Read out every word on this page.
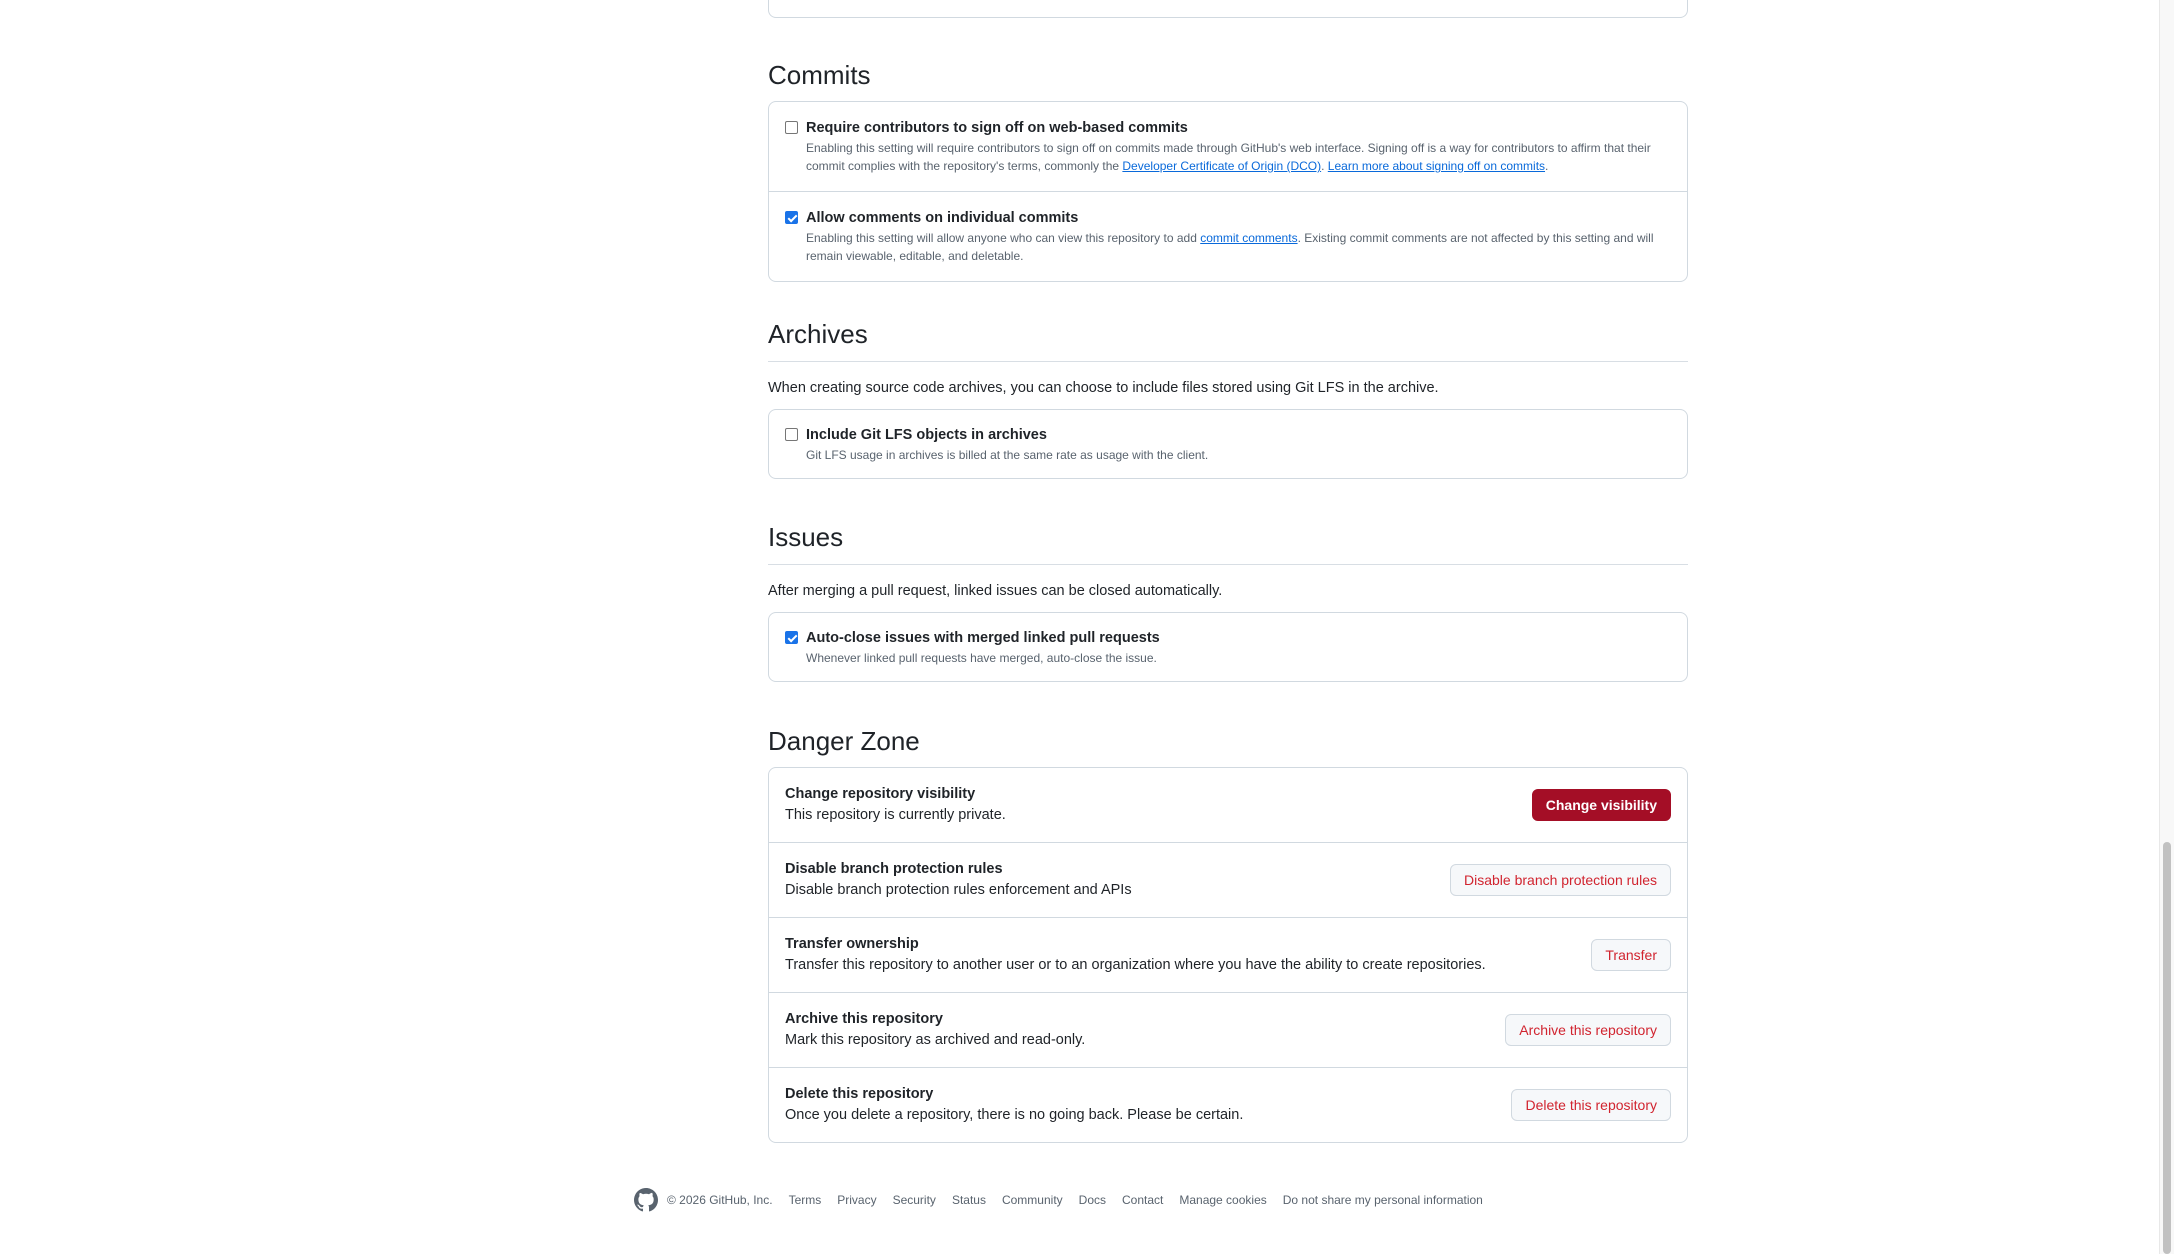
Commits
Require contributors to sign off on web-based commits
Enabling this setting will require contributors to sign off on commits made through GitHub's web interface. Signing off is a way for contributors to affirm that their commit complies with the repository's terms, commonly the Developer Certificate of Origin (DCO). Learn more about signing off on commits.
Allow comments on individual commits
Enabling this setting will allow anyone who can view this repository to add commit comments. Existing commit comments are not affected by this setting and will remain viewable, editable, and deletable.
Archives

When creating source code archives, you can choose to include files stored using Git LFS in the archive.

Include Git LFS objects in archives
Git LFS usage in archives is billed at the same rate as usage with the client.
Issues

After merging a pull request, linked issues can be closed automatically.

Auto-close issues with merged linked pull requests
Whenever linked pull requests have merged, auto-close the issue.
Danger Zone
Change repository visibility
This repository is currently private.
Change visibility
Disable branch protection rules
Disable branch protection rules enforcement and APIs
Disable branch protection rules
Transfer ownership
Transfer this repository to another user or to an organization where you have the ability to create repositories.
Transfer
Archive this repository
Mark this repository as archived and read-only.
Archive this repository
Delete this repository
Once you delete a repository, there is no going back. Please be certain.
Delete this repository
© 2026 GitHub, Inc. Terms Privacy Security Status Community Docs Contact Manage cookies Do not share my personal information
